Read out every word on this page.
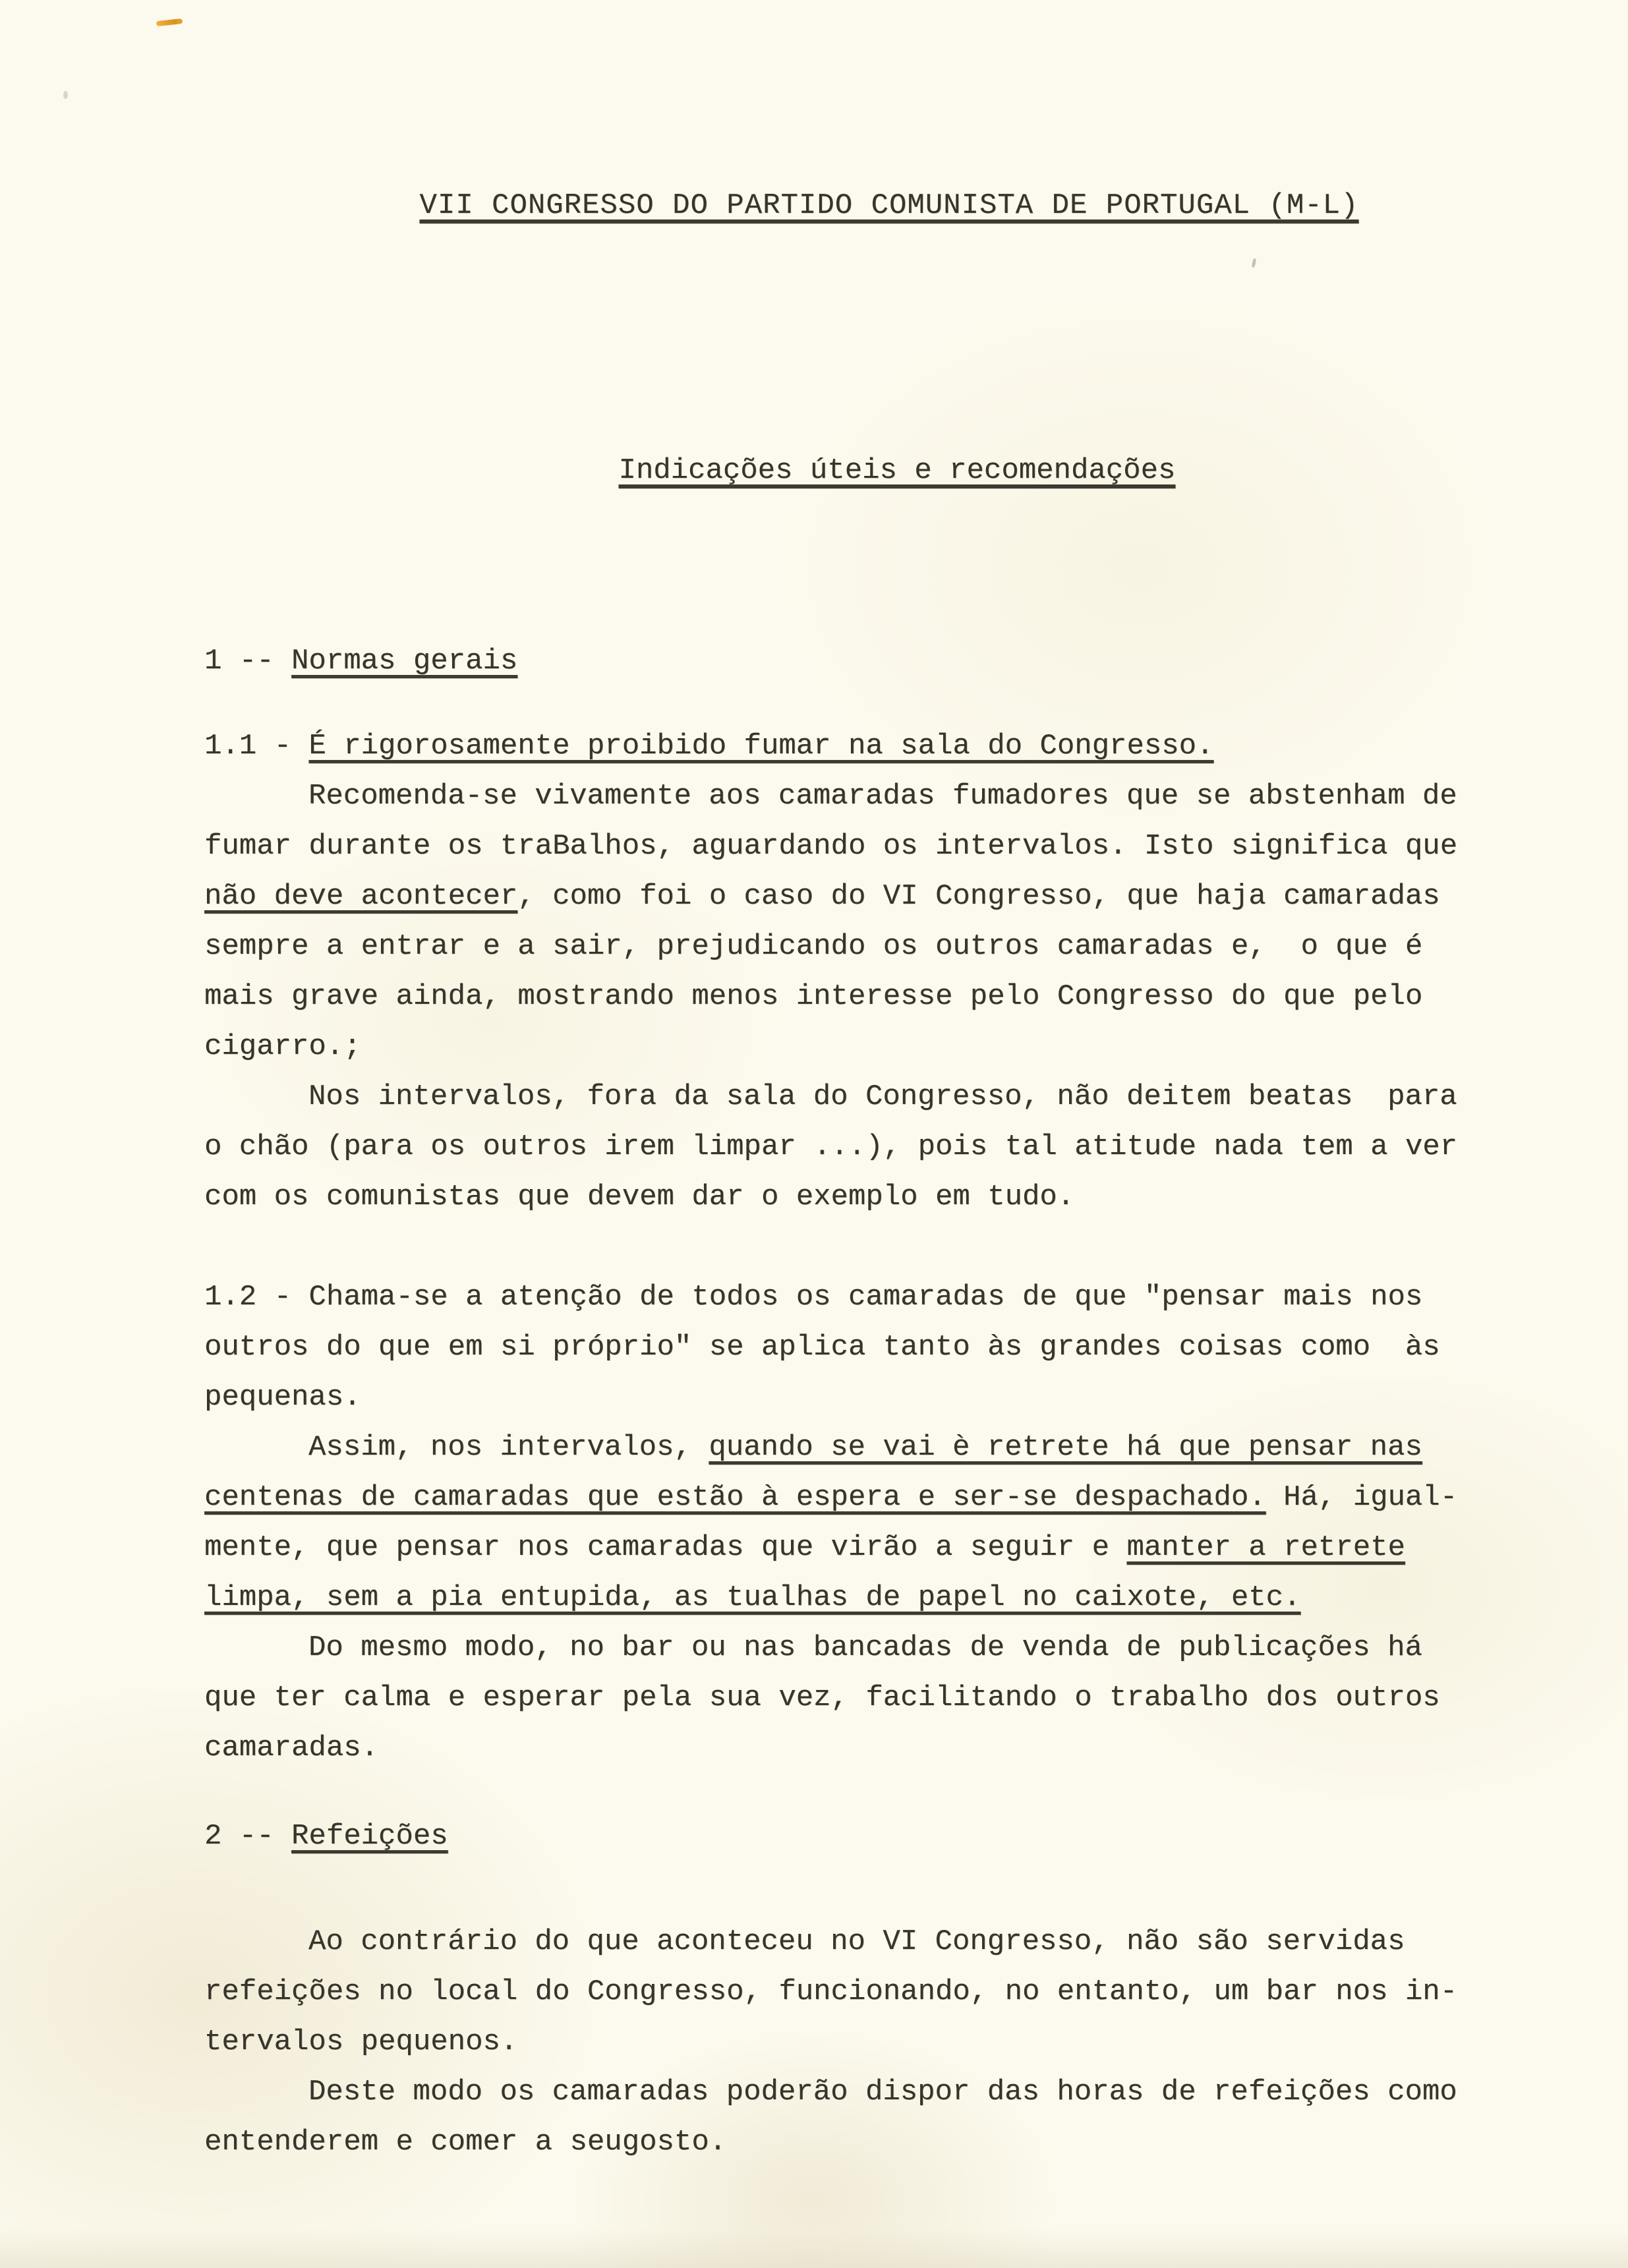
VII CONGRESSO DO PARTIDO COMUNISTA DE PORTUGAL (M-L)

Indicações úteis e recomendações

1 -- Normas gerais
1.1 - É rigorosamente proibido fumar na sala do Congresso.
Recomenda-se vivamente aos camaradas fumadores que se abstenham de
fumar durante os traBalhos, aguardando os intervalos. Isto significa que
não deve acontecer, como foi o caso do VI Congresso, que haja camaradas
sempre a entrar e a sair, prejudicando os outros camaradas e,  o que é
mais grave ainda, mostrando menos interesse pelo Congresso do que pelo
cigarro.;
Nos intervalos, fora da sala do Congresso, não deitem beatas  para
o chão (para os outros irem limpar ...), pois tal atitude nada tem a ver
com os comunistas que devem dar o exemplo em tudo.
1.2 - Chama-se a atenção de todos os camaradas de que "pensar mais nos
outros do que em si próprio" se aplica tanto às grandes coisas como  às
pequenas.
Assim, nos intervalos, quando se vai è retrete há que pensar nas
centenas de camaradas que estão à espera e ser-se despachado. Há, igual-
mente, que pensar nos camaradas que virão a seguir e manter a retrete
limpa, sem a pia entupida, as tualhas de papel no caixote, etc.
Do mesmo modo, no bar ou nas bancadas de venda de publicações há
que ter calma e esperar pela sua vez, facilitando o trabalho dos outros
camaradas.
2 -- Refeições
Ao contrário do que aconteceu no VI Congresso, não são servidas
refeições no local do Congresso, funcionando, no entanto, um bar nos in-
tervalos pequenos.
Deste modo os camaradas poderão dispor das horas de refeições como
entenderem e comer a seugosto.
